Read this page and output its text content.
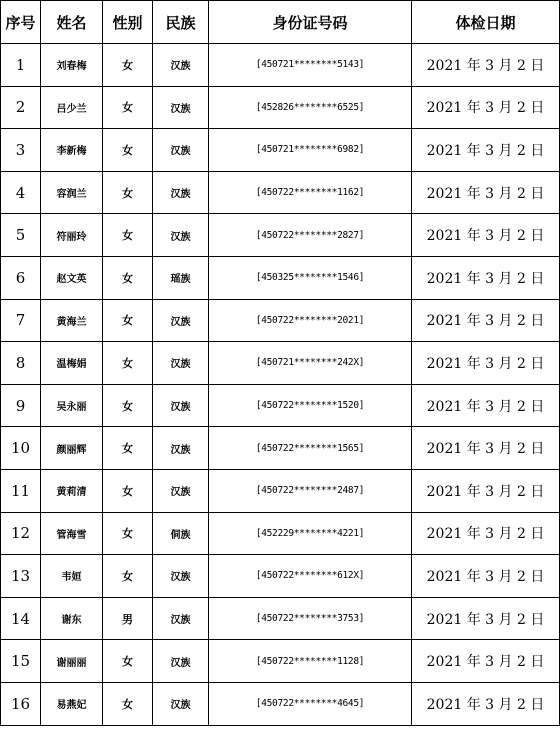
序号	姓名	性别	民族	身份证号码	体检日期
1	刘春梅	女	汉族	[450721********5143]	2021 年 3 月 2 日
2	吕少兰	女	汉族	[452826********6525]	2021 年 3 月 2 日
3	李新梅	女	汉族	[450721********6982]	2021 年 3 月 2 日
4	容润兰	女	汉族	[450722********1162]	2021 年 3 月 2 日
5	符丽玲	女	汉族	[450722********2827]	2021 年 3 月 2 日
6	赵文英	女	瑶族	[450325********1546]	2021 年 3 月 2 日
7	黄海兰	女	汉族	[450722********2021]	2021 年 3 月 2 日
8	温梅娟	女	汉族	[450721********242X]	2021 年 3 月 2 日
9	吴永丽	女	汉族	[450722********1520]	2021 年 3 月 2 日
10	颜丽辉	女	汉族	[450722********1565]	2021 年 3 月 2 日
11	黄莉清	女	汉族	[450722********2487]	2021 年 3 月 2 日
12	管海雪	女	侗族	[452229********4221]	2021 年 3 月 2 日
13	韦姮	女	汉族	[450722********612X]	2021 年 3 月 2 日
14	谢东	男	汉族	[450722********3753]	2021 年 3 月 2 日
15	谢丽丽	女	汉族	[450722********1128]	2021 年 3 月 2 日
16	易燕妃	女	汉族	[450722********4645]	2021 年 3 月 2 日
